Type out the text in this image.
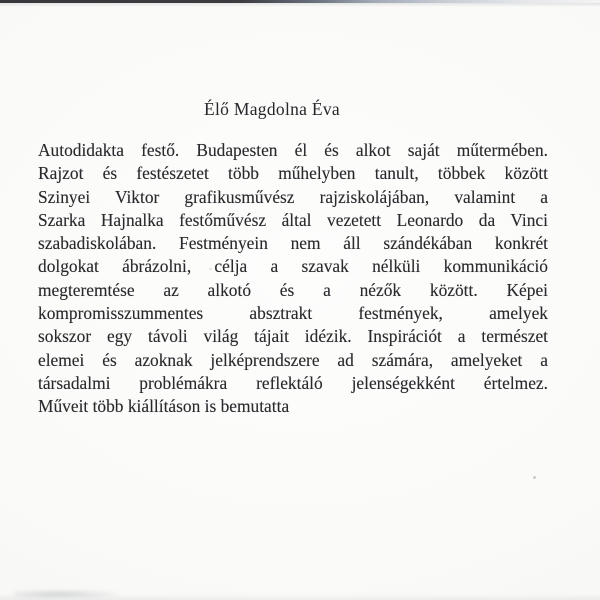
Élő Magdolna Éva
Autodidakta festő. Budapesten él és alkot saját műtermében.
Rajzot és festészetet több műhelyben tanult, többek között
Szinyei Viktor grafikusművész rajziskolájában, valamint a
Szarka Hajnalka festőművész által vezetett Leonardo da Vinci
szabadiskolában. Festményein nem áll szándékában konkrét
dolgokat ábrázolni, célja a szavak nélküli kommunikáció
megteremtése az alkotó és a nézők között. Képei
kompromisszummentes absztrakt festmények, amelyek
sokszor egy távoli világ tájait idézik. Inspirációt a természet
elemei és azoknak jelképrendszere ad számára, amelyeket a
társadalmi problémákra reflektáló jelenségekként értelmez.
Műveit több kiállításon is bemutatta
